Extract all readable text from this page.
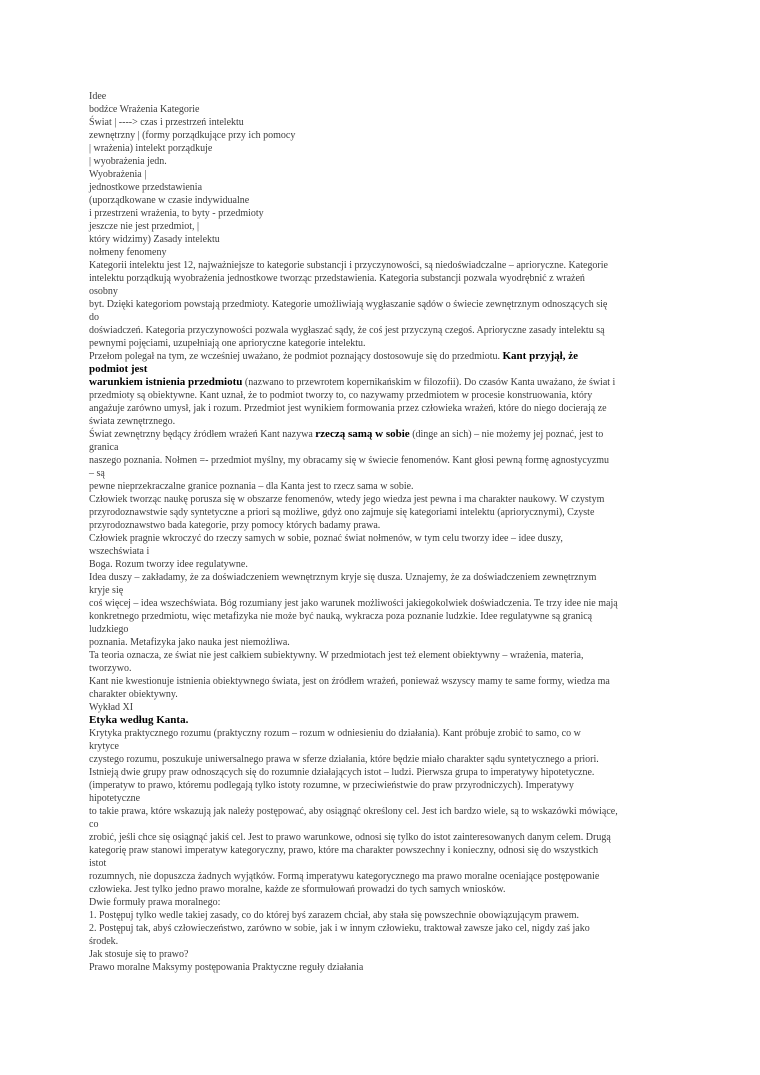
Idee
bodźce Wrażenia Kategorie
Świat | ----> czas i przestrzeń intelektu
zewnętrzny | (formy porządkujące przy ich pomocy
| wrażenia) intelekt porządkuje
| wyobrażenia jedn.
Wyobrażenia |
jednostkowe przedstawienia
(uporządkowane w czasie indywidualne
i przestrzeni wrażenia, to byty - przedmioty
jeszcze nie jest przedmiot, |
który widzimy) Zasady intelektu
nołmeny fenomeny
Kategorii intelektu jest 12, najważniejsze to kategorie substancji i przyczynowości, są niedoświadczalne – aprioryczne. Kategorie
intelektu porządkują wyobrażenia jednostkowe tworząc przedstawienia. Kategoria substancji pozwala wyodrębnić z wrażeń
osobny
byt. Dzięki kategoriom powstają przedmioty. Kategorie umożliwiają wygłaszanie sądów o świecie zewnętrznym odnoszących się
do
doświadczeń. Kategoria przyczynowości pozwala wygłaszać sądy, że coś jest przyczyną czegoś. Aprioryczne zasady intelektu są
pewnymi pojęciami, uzupełniają one aprioryczne kategorie intelektu.
Przełom polegał na tym, ze wcześniej uważano, że podmiot poznający dostosowuje się do przedmiotu. Kant przyjął, że
podmiot jest
warunkiem istnienia przedmiotu (nazwano to przewrotem kopernikańskim w filozofii). Do czasów Kanta uważano, że świat i
przedmioty są obiektywne. Kant uznał, że to podmiot tworzy to, co nazywamy przedmiotem w procesie konstruowania, który
angażuje zarówno umysł, jak i rozum. Przedmiot jest wynikiem formowania przez człowieka wrażeń, które do niego docierają ze
świata zewnętrznego.
Świat zewnętrzny będący źródłem wrażeń Kant nazywa rzeczą samą w sobie (dinge an sich) – nie możemy jej poznać, jest to
granica
naszego poznania. Nołmen =- przedmiot myślny, my obracamy się w świecie fenomenów. Kant głosi pewną formę agnostycyzmu
– są
pewne nieprzekraczalne granice poznania – dla Kanta jest to rzecz sama w sobie.
Człowiek tworząc naukę porusza się w obszarze fenomenów, wtedy jego wiedza jest pewna i ma charakter naukowy. W czystym
przyrodoznawstwie sądy syntetyczne a priori są możliwe, gdyż ono zajmuje się kategoriami intelektu (apriorycznymi), Czyste
przyrodoznawstwo bada kategorie, przy pomocy których badamy prawa.
Człowiek pragnie wkroczyć do rzeczy samych w sobie, poznać świat nołmenów, w tym celu tworzy idee – idee duszy,
wszechświata i
Boga. Rozum tworzy idee regulatywne.
Idea duszy – zakładamy, że za doświadczeniem wewnętrznym kryje się dusza. Uznajemy, że za doświadczeniem zewnętrznym
kryje się
coś więcej – idea wszechświata. Bóg rozumiany jest jako warunek możliwości jakiegokolwiek doświadczenia. Te trzy idee nie mają
konkretnego przedmiotu, więc metafizyka nie może być nauką, wykracza poza poznanie ludzkie. Idee regulatywne są granicą
ludzkiego
poznania. Metafizyka jako nauka jest niemożliwa.
Ta teoria oznacza, ze świat nie jest całkiem subiektywny. W przedmiotach jest też element obiektywny – wrażenia, materia,
tworzywo.
Kant nie kwestionuje istnienia obiektywnego świata, jest on źródłem wrażeń, ponieważ wszyscy mamy te same formy, wiedza ma
charakter obiektywny.
Wykład XI
Etyka według Kanta.
Krytyka praktycznego rozumu (praktyczny rozum – rozum w odniesieniu do działania). Kant próbuje zrobić to samo, co w
krytyce
czystego rozumu, poszukuje uniwersalnego prawa w sferze działania, które będzie miało charakter sądu syntetycznego a priori.
Istnieją dwie grupy praw odnoszących się do rozumnie działających istot – ludzi. Pierwsza grupa to imperatywy hipotetyczne.
(imperatyw to prawo, któremu podlegają tylko istoty rozumne, w przeciwieństwie do praw przyrodniczych). Imperatywy
hipotetyczne
to takie prawa, które wskazują jak należy postępować, aby osiągnąć określony cel. Jest ich bardzo wiele, są to wskazówki mówiące,
co
zrobić, jeśli chce się osiągnąć jakiś cel. Jest to prawo warunkowe, odnosi się tylko do istot zainteresowanych danym celem. Drugą
kategorię praw stanowi imperatyw kategoryczny, prawo, które ma charakter powszechny i konieczny, odnosi się do wszystkich
istot
rozumnych, nie dopuszcza żadnych wyjątków. Formą imperatywu kategorycznego ma prawo moralne oceniające postępowanie
człowieka. Jest tylko jedno prawo moralne, każde ze sformułowań prowadzi do tych samych wniosków.
Dwie formuły prawa moralnego:
1. Postępuj tylko wedle takiej zasady, co do której byś zarazem chciał, aby stała się powszechnie obowiązującym prawem.
2. Postępuj tak, abyś człowieczeństwo, zarówno w sobie, jak i w innym człowieku, traktował zawsze jako cel, nigdy zaś jako
środek.
Jak stosuje się to prawo?
Prawo moralne Maksymy postępowania Praktyczne reguły działania
